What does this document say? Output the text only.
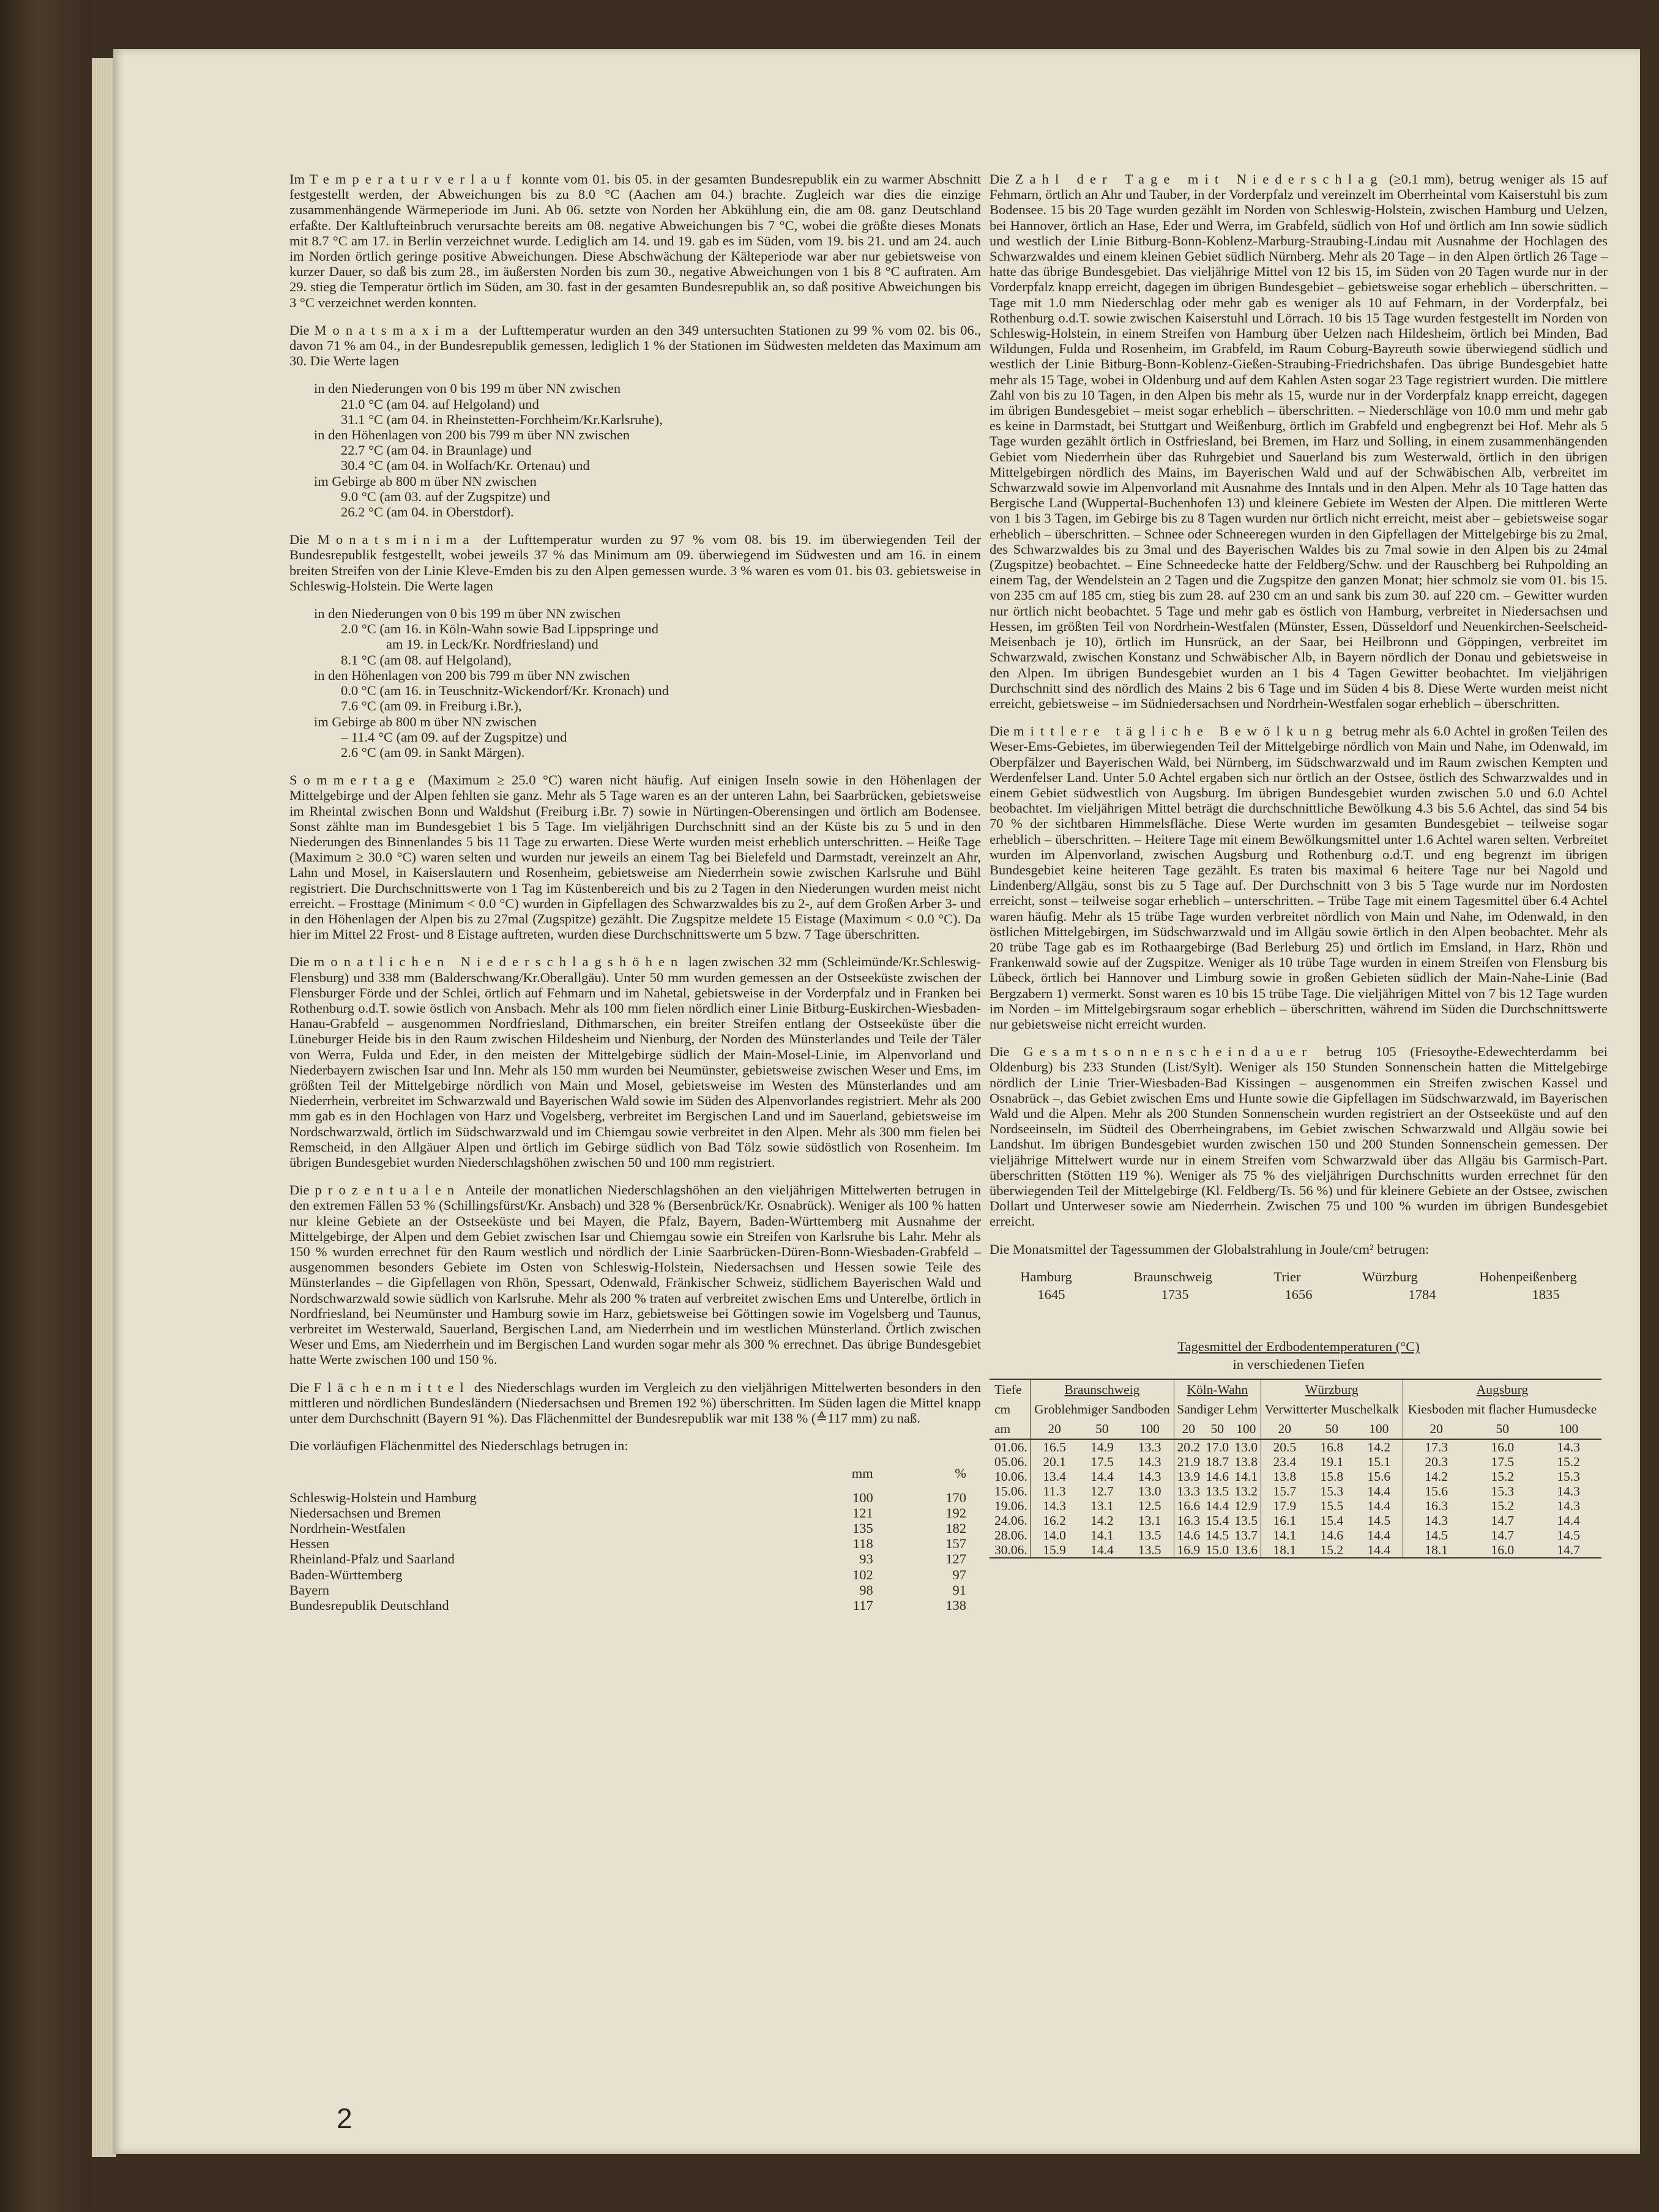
Im Temperaturverlauf konnte vom 01. bis 05. in der gesamten Bundesrepublik ein zu warmer Abschnitt festgestellt werden, der Abweichungen bis zu 8.0 °C (Aachen am 04.) brachte. Zugleich war dies die einzige zusammenhängende Wärmeperiode im Juni. Ab 06. setzte von Norden her Abkühlung ein, die am 08. ganz Deutschland erfaßte. Der Kaltlufteinbruch verursachte bereits am 08. negative Abweichungen bis 7 °C, wobei die größte dieses Monats mit 8.7 °C am 17. in Berlin verzeichnet wurde. Lediglich am 14. und 19. gab es im Süden, vom 19. bis 21. und am 24. auch im Norden örtlich geringe positive Abweichungen. Diese Abschwächung der Kälteperiode war aber nur gebietsweise von kurzer Dauer, so daß bis zum 28., im äußersten Norden bis zum 30., negative Abweichungen von 1 bis 8 °C auftraten. Am 29. stieg die Temperatur örtlich im Süden, am 30. fast in der gesamten Bundesrepublik an, so daß positive Abweichungen bis 3 °C verzeichnet werden konnten.

Die Monatsmaxima der Lufttemperatur wurden an den 349 untersuchten Stationen zu 99 % vom 02. bis 06., davon 71 % am 04., in der Bundesrepublik gemessen, lediglich 1 % der Stationen im Südwesten meldeten das Maximum am 30. Die Werte lagen

in den Niederungen von 0 bis 199 m über NN zwischen
21.0 °C (am 04. auf Helgoland) und
31.1 °C (am 04. in Rheinstetten-Forchheim/Kr.Karlsruhe),
in den Höhenlagen von 200 bis 799 m über NN zwischen
22.7 °C (am 04. in Braunlage) und
30.4 °C (am 04. in Wolfach/Kr. Ortenau) und
im Gebirge ab 800 m über NN zwischen
9.0 °C (am 03. auf der Zugspitze) und
26.2 °C (am 04. in Oberstdorf).

Die Monatsminima der Lufttemperatur wurden zu 97 % vom 08. bis 19. im überwiegenden Teil der Bundesrepublik festgestellt, wobei jeweils 37 % das Minimum am 09. überwiegend im Südwesten und am 16. in einem breiten Streifen von der Linie Kleve-Emden bis zu den Alpen gemessen wurde. 3 % waren es vom 01. bis 03. gebietsweise in Schleswig-Holstein. Die Werte lagen

in den Niederungen von 0 bis 199 m über NN zwischen
2.0 °C (am 16. in Köln-Wahn sowie Bad Lippspringe und
am 19. in Leck/Kr. Nordfriesland) und
8.1 °C (am 08. auf Helgoland),
in den Höhenlagen von 200 bis 799 m über NN zwischen
0.0 °C (am 16. in Teuschnitz-Wickendorf/Kr. Kronach) und
7.6 °C (am 09. in Freiburg i.Br.),
im Gebirge ab 800 m über NN zwischen
– 11.4 °C (am 09. auf der Zugspitze) und
2.6 °C (am 09. in Sankt Märgen).

Sommertage (Maximum ≥ 25.0 °C) waren nicht häufig. Auf einigen Inseln sowie in den Höhenlagen der Mittelgebirge und der Alpen fehlten sie ganz. Mehr als 5 Tage waren es an der unteren Lahn, bei Saarbrücken, gebietsweise im Rheintal zwischen Bonn und Waldshut (Freiburg i.Br. 7) sowie in Nürtingen-Oberensingen und örtlich am Bodensee. Sonst zählte man im Bundesgebiet 1 bis 5 Tage. Im vieljährigen Durchschnitt sind an der Küste bis zu 5 und in den Niederungen des Binnenlandes 5 bis 11 Tage zu erwarten. Diese Werte wurden meist erheblich unterschritten. – Heiße Tage (Maximum ≥ 30.0 °C) waren selten und wurden nur jeweils an einem Tag bei Bielefeld und Darmstadt, vereinzelt an Ahr, Lahn und Mosel, in Kaiserslautern und Rosenheim, gebietsweise am Niederrhein sowie zwischen Karlsruhe und Bühl registriert. Die Durchschnittswerte von 1 Tag im Küstenbereich und bis zu 2 Tagen in den Niederungen wurden meist nicht erreicht. – Frosttage (Minimum < 0.0 °C) wurden in Gipfellagen des Schwarzwaldes bis zu 2-, auf dem Großen Arber 3- und in den Höhenlagen der Alpen bis zu 27mal (Zugspitze) gezählt. Die Zugspitze meldete 15 Eistage (Maximum < 0.0 °C). Da hier im Mittel 22 Frost- und 8 Eistage auftreten, wurden diese Durchschnittswerte um 5 bzw. 7 Tage überschritten.

Die monatlichen Niederschlagshöhen lagen zwischen 32 mm (Schleimünde/Kr.Schleswig-Flensburg) und 338 mm (Balderschwang/Kr.Oberallgäu). Unter 50 mm wurden gemessen an der Ostseeküste zwischen der Flensburger Förde und der Schlei, örtlich auf Fehmarn und im Nahetal, gebietsweise in der Vorderpfalz und in Franken bei Rothenburg o.d.T. sowie östlich von Ansbach. Mehr als 100 mm fielen nördlich einer Linie Bitburg-Euskirchen-Wiesbaden-Hanau-Grabfeld – ausgenommen Nordfriesland, Dithmarschen, ein breiter Streifen entlang der Ostseeküste über die Lüneburger Heide bis in den Raum zwischen Hildesheim und Nienburg, der Norden des Münsterlandes und Teile der Täler von Werra, Fulda und Eder, in den meisten der Mittelgebirge südlich der Main-Mosel-Linie, im Alpenvorland und Niederbayern zwischen Isar und Inn. Mehr als 150 mm wurden bei Neumünster, gebietsweise zwischen Weser und Ems, im größten Teil der Mittelgebirge nördlich von Main und Mosel, gebietsweise im Westen des Münsterlandes und am Niederrhein, verbreitet im Schwarzwald und Bayerischen Wald sowie im Süden des Alpenvorlandes registriert. Mehr als 200 mm gab es in den Hochlagen von Harz und Vogelsberg, verbreitet im Bergischen Land und im Sauerland, gebietsweise im Nordschwarzwald, örtlich im Südschwarzwald und im Chiemgau sowie verbreitet in den Alpen. Mehr als 300 mm fielen bei Remscheid, in den Allgäuer Alpen und örtlich im Gebirge südlich von Bad Tölz sowie südöstlich von Rosenheim. Im übrigen Bundesgebiet wurden Niederschlagshöhen zwischen 50 und 100 mm registriert.

Die prozentualen Anteile der monatlichen Niederschlagshöhen an den vieljährigen Mittelwerten betrugen in den extremen Fällen 53 % (Schillingsfürst/Kr. Ansbach) und 328 % (Bersenbrück/Kr. Osnabrück). Weniger als 100 % hatten nur kleine Gebiete an der Ostseeküste und bei Mayen, die Pfalz, Bayern, Baden-Württemberg mit Ausnahme der Mittelgebirge, der Alpen und dem Gebiet zwischen Isar und Chiemgau sowie ein Streifen von Karlsruhe bis Lahr. Mehr als 150 % wurden errechnet für den Raum westlich und nördlich der Linie Saarbrücken-Düren-Bonn-Wiesbaden-Grabfeld – ausgenommen besonders Gebiete im Osten von Schleswig-Holstein, Niedersachsen und Hessen sowie Teile des Münsterlandes – die Gipfellagen von Rhön, Spessart, Odenwald, Fränkischer Schweiz, südlichem Bayerischen Wald und Nordschwarzwald sowie südlich von Karlsruhe. Mehr als 200 % traten auf verbreitet zwischen Ems und Unterelbe, örtlich in Nordfriesland, bei Neumünster und Hamburg sowie im Harz, gebietsweise bei Göttingen sowie im Vogelsberg und Taunus, verbreitet im Westerwald, Sauerland, Bergischen Land, am Niederrhein und im westlichen Münsterland. Örtlich zwischen Weser und Ems, am Niederrhein und im Bergischen Land wurden sogar mehr als 300 % errechnet. Das übrige Bundesgebiet hatte Werte zwischen 100 und 150 %.

Die Flächenmittel des Niederschlags wurden im Vergleich zu den vieljährigen Mittelwerten besonders in den mittleren und nördlichen Bundesländern (Niedersachsen und Bremen 192 %) überschritten. Im Süden lagen die Mittel knapp unter dem Durchschnitt (Bayern 91 %). Das Flächenmittel der Bundesrepublik war mit 138 % (≙117 mm) zu naß.

Die vorläufigen Flächenmittel des Niederschlags betrugen in:

	mm	%

Schleswig-Holstein und Hamburg	100	170
Niedersachsen und Bremen	121	192
Nordrhein-Westfalen	135	182
Hessen	118	157
Rheinland-Pfalz und Saarland	93	127
Baden-Württemberg	102	97
Bayern	98	91
Bundesrepublik Deutschland	117	138

Die Zahl der Tage mit Niederschlag (≥0.1 mm), betrug weniger als 15 auf Fehmarn, örtlich an Ahr und Tauber, in der Vorderpfalz und vereinzelt im Oberrheintal vom Kaiserstuhl bis zum Bodensee. 15 bis 20 Tage wurden gezählt im Norden von Schleswig-Holstein, zwischen Hamburg und Uelzen, bei Hannover, örtlich an Hase, Eder und Werra, im Grabfeld, südlich von Hof und örtlich am Inn sowie südlich und westlich der Linie Bitburg-Bonn-Koblenz-Marburg-Straubing-Lindau mit Ausnahme der Hochlagen des Schwarzwaldes und einem kleinen Gebiet südlich Nürnberg. Mehr als 20 Tage – in den Alpen örtlich 26 Tage – hatte das übrige Bundesgebiet. Das vieljährige Mittel von 12 bis 15, im Süden von 20 Tagen wurde nur in der Vorderpfalz knapp erreicht, dagegen im übrigen Bundesgebiet – gebietsweise sogar erheblich – überschritten. – Tage mit 1.0 mm Niederschlag oder mehr gab es weniger als 10 auf Fehmarn, in der Vorderpfalz, bei Rothenburg o.d.T. sowie zwischen Kaiserstuhl und Lörrach. 10 bis 15 Tage wurden festgestellt im Norden von Schleswig-Holstein, in einem Streifen von Hamburg über Uelzen nach Hildesheim, örtlich bei Minden, Bad Wildungen, Fulda und Rosenheim, im Grabfeld, im Raum Coburg-Bayreuth sowie überwiegend südlich und westlich der Linie Bitburg-Bonn-Koblenz-Gießen-Straubing-Friedrichshafen. Das übrige Bundesgebiet hatte mehr als 15 Tage, wobei in Oldenburg und auf dem Kahlen Asten sogar 23 Tage registriert wurden. Die mittlere Zahl von bis zu 10 Tagen, in den Alpen bis mehr als 15, wurde nur in der Vorderpfalz knapp erreicht, dagegen im übrigen Bundesgebiet – meist sogar erheblich – überschritten. – Niederschläge von 10.0 mm und mehr gab es keine in Darmstadt, bei Stuttgart und Weißenburg, örtlich im Grabfeld und engbegrenzt bei Hof. Mehr als 5 Tage wurden gezählt örtlich in Ostfriesland, bei Bremen, im Harz und Solling, in einem zusammenhängenden Gebiet vom Niederrhein über das Ruhrgebiet und Sauerland bis zum Westerwald, örtlich in den übrigen Mittelgebirgen nördlich des Mains, im Bayerischen Wald und auf der Schwäbischen Alb, verbreitet im Schwarzwald sowie im Alpenvorland mit Ausnahme des Inntals und in den Alpen. Mehr als 10 Tage hatten das Bergische Land (Wuppertal-Buchenhofen 13) und kleinere Gebiete im Westen der Alpen. Die mittleren Werte von 1 bis 3 Tagen, im Gebirge bis zu 8 Tagen wurden nur örtlich nicht erreicht, meist aber – gebietsweise sogar erheblich – überschritten. – Schnee oder Schneeregen wurden in den Gipfellagen der Mittelgebirge bis zu 2mal, des Schwarzwaldes bis zu 3mal und des Bayerischen Waldes bis zu 7mal sowie in den Alpen bis zu 24mal (Zugspitze) beobachtet. – Eine Schneedecke hatte der Feldberg/Schw. und der Rauschberg bei Ruhpolding an einem Tag, der Wendelstein an 2 Tagen und die Zugspitze den ganzen Monat; hier schmolz sie vom 01. bis 15. von 235 cm auf 185 cm, stieg bis zum 28. auf 230 cm an und sank bis zum 30. auf 220 cm. – Gewitter wurden nur örtlich nicht beobachtet. 5 Tage und mehr gab es östlich von Hamburg, verbreitet in Niedersachsen und Hessen, im größten Teil von Nordrhein-Westfalen (Münster, Essen, Düsseldorf und Neuenkirchen-Seelscheid-Meisenbach je 10), örtlich im Hunsrück, an der Saar, bei Heilbronn und Göppingen, verbreitet im Schwarzwald, zwischen Konstanz und Schwäbischer Alb, in Bayern nördlich der Donau und gebietsweise in den Alpen. Im übrigen Bundesgebiet wurden an 1 bis 4 Tagen Gewitter beobachtet. Im vieljährigen Durchschnitt sind des nördlich des Mains 2 bis 6 Tage und im Süden 4 bis 8. Diese Werte wurden meist nicht erreicht, gebietsweise – im Südniedersachsen und Nordrhein-Westfalen sogar erheblich – überschritten.

Die mittlere tägliche Bewölkung betrug mehr als 6.0 Achtel in großen Teilen des Weser-Ems-Gebietes, im überwiegenden Teil der Mittelgebirge nördlich von Main und Nahe, im Odenwald, im Oberpfälzer und Bayerischen Wald, bei Nürnberg, im Südschwarzwald und im Raum zwischen Kempten und Werdenfelser Land. Unter 5.0 Achtel ergaben sich nur örtlich an der Ostsee, östlich des Schwarzwaldes und in einem Gebiet südwestlich von Augsburg. Im übrigen Bundesgebiet wurden zwischen 5.0 und 6.0 Achtel beobachtet. Im vieljährigen Mittel beträgt die durchschnittliche Bewölkung 4.3 bis 5.6 Achtel, das sind 54 bis 70 % der sichtbaren Himmelsfläche. Diese Werte wurden im gesamten Bundesgebiet – teilweise sogar erheblich – überschritten. – Heitere Tage mit einem Bewölkungsmittel unter 1.6 Achtel waren selten. Verbreitet wurden im Alpenvorland, zwischen Augsburg und Rothenburg o.d.T. und eng begrenzt im übrigen Bundesgebiet keine heiteren Tage gezählt. Es traten bis maximal 6 heitere Tage nur bei Nagold und Lindenberg/Allgäu, sonst bis zu 5 Tage auf. Der Durchschnitt von 3 bis 5 Tage wurde nur im Nordosten erreicht, sonst – teilweise sogar erheblich – unterschritten. – Trübe Tage mit einem Tagesmittel über 6.4 Achtel waren häufig. Mehr als 15 trübe Tage wurden verbreitet nördlich von Main und Nahe, im Odenwald, in den östlichen Mittelgebirgen, im Südschwarzwald und im Allgäu sowie örtlich in den Alpen beobachtet. Mehr als 20 trübe Tage gab es im Rothaargebirge (Bad Berleburg 25) und örtlich im Emsland, in Harz, Rhön und Frankenwald sowie auf der Zugspitze. Weniger als 10 trübe Tage wurden in einem Streifen von Flensburg bis Lübeck, örtlich bei Hannover und Limburg sowie in großen Gebieten südlich der Main-Nahe-Linie (Bad Bergzabern 1) vermerkt. Sonst waren es 10 bis 15 trübe Tage. Die vieljährigen Mittel von 7 bis 12 Tage wurden im Norden – im Mittelgebirgsraum sogar erheblich – überschritten, während im Süden die Durchschnittswerte nur gebietsweise nicht erreicht wurden.

Die Gesamtsonnenscheindauer betrug 105 (Friesoythe-Edewechterdamm bei Oldenburg) bis 233 Stunden (List/Sylt). Weniger als 150 Stunden Sonnenschein hatten die Mittelgebirge nördlich der Linie Trier-Wiesbaden-Bad Kissingen – ausgenommen ein Streifen zwischen Kassel und Osnabrück –, das Gebiet zwischen Ems und Hunte sowie die Gipfellagen im Südschwarzwald, im Bayerischen Wald und die Alpen. Mehr als 200 Stunden Sonnenschein wurden registriert an der Ostseeküste und auf den Nordseeinseln, im Südteil des Oberrheingrabens, im Gebiet zwischen Schwarzwald und Allgäu sowie bei Landshut. Im übrigen Bundesgebiet wurden zwischen 150 und 200 Stunden Sonnenschein gemessen. Der vieljährige Mittelwert wurde nur in einem Streifen vom Schwarzwald über das Allgäu bis Garmisch-Part. überschritten (Stötten 119 %). Weniger als 75 % des vieljährigen Durchschnitts wurden errechnet für den überwiegenden Teil der Mittelgebirge (Kl. Feldberg/Ts. 56 %) und für kleinere Gebiete an der Ostsee, zwischen Dollart und Unterweser sowie am Niederrhein. Zwischen 75 und 100 % wurden im übrigen Bundesgebiet erreicht.

Die Monatsmittel der Tagessummen der Globalstrahlung in Joule/cm² betrugen:

Hamburg	Braunschweig	Trier	Würzburg	Hohenpeißenberg
1645	1735	1656	1784	1835
Tagesmittel der Erdbodentemperaturen (°C)
in verschiedenen Tiefen
Tiefe	Braunschweig			Köln-Wahn			Würzburg			Augsburg		
cm	Groblehmiger Sandboden			Sandiger Lehm			Verwitterter Muschelkalk			Kiesboden mit flacher Humusdecke		
am	20	50	100	20	50	100	20	50	100	20	50	100
01.06.	16.5	14.9	13.3	20.2	17.0	13.0	20.5	16.8	14.2	17.3	16.0	14.3
05.06.	20.1	17.5	14.3	21.9	18.7	13.8	23.4	19.1	15.1	20.3	17.5	15.2
10.06.	13.4	14.4	14.3	13.9	14.6	14.1	13.8	15.8	15.6	14.2	15.2	15.3
15.06.	11.3	12.7	13.0	13.3	13.5	13.2	15.7	15.3	14.4	15.6	15.3	14.3
19.06.	14.3	13.1	12.5	16.6	14.4	12.9	17.9	15.5	14.4	16.3	15.2	14.3
24.06.	16.2	14.2	13.1	16.3	15.4	13.5	16.1	15.4	14.5	14.3	14.7	14.4
28.06.	14.0	14.1	13.5	14.6	14.5	13.7	14.1	14.6	14.4	14.5	14.7	14.5
30.06.	15.9	14.4	13.5	16.9	15.0	13.6	18.1	15.2	14.4	18.1	16.0	14.7
2
